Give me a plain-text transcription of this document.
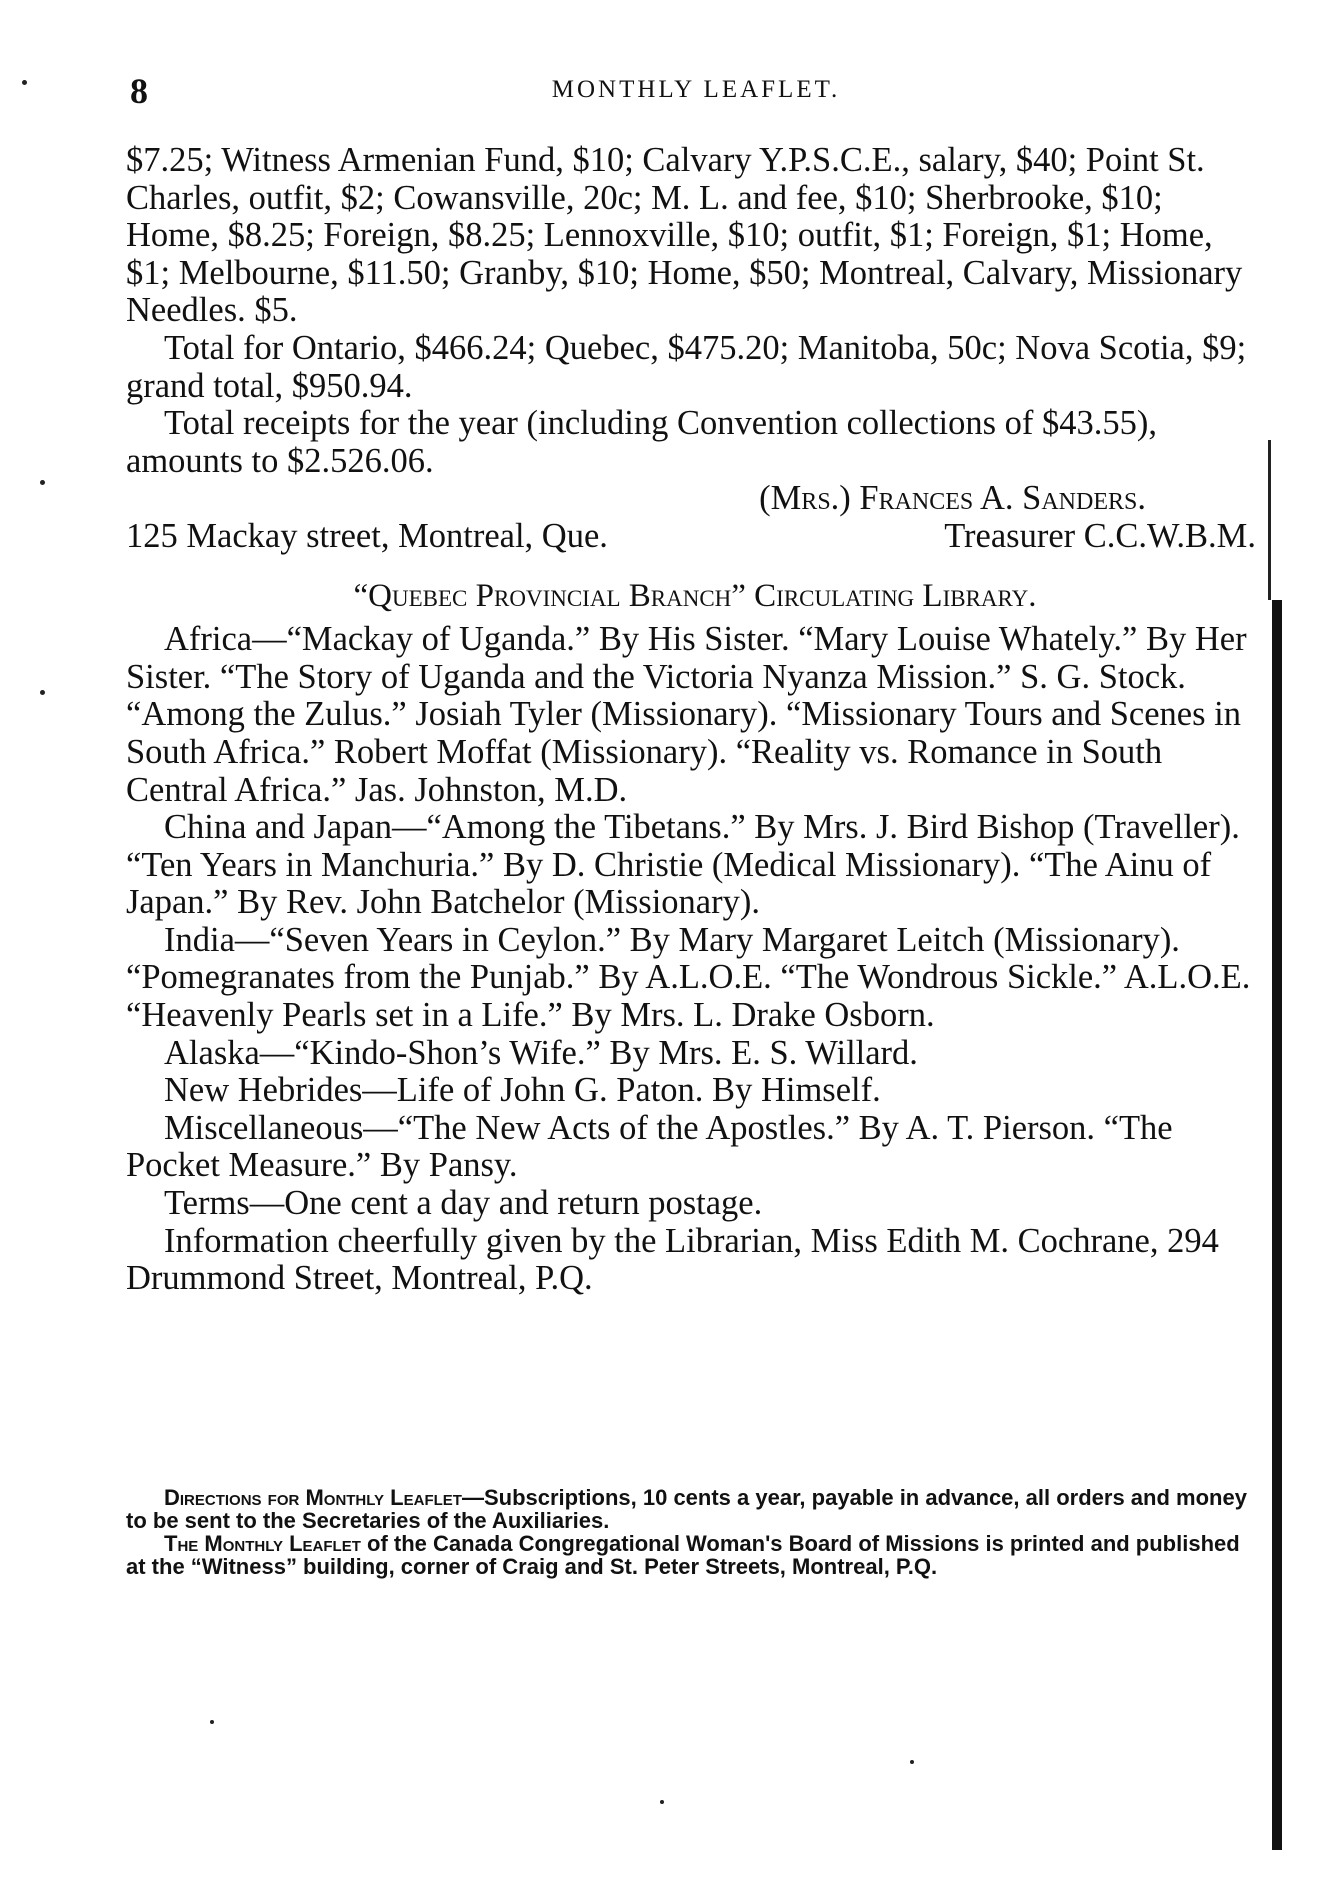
8	MONTHLY LEAFLET.

$7.25; Witness Armenian Fund, $10; Calvary Y.P.S.C.E., salary, $40; Point St. Charles, outfit, $2; Cowansville, 20c; M. L. and fee, $10; Sherbrooke, $10; Home, $8.25; Foreign, $8.25; Lennoxville, $10; outfit, $1; Foreign, $1; Home, $1; Melbourne, $11.50; Granby, $10; Home, $50; Montreal, Calvary, Missionary Needles. $5.

Total for Ontario, $466.24; Quebec, $475.20; Manitoba, 50c; Nova Scotia, $9; grand total, $950.94.

Total receipts for the year (including Convention collections of $43.55), amounts to $2.526.06.

(Mrs.) Frances A. Sanders.

125 Mackay street, Montreal, Que.	Treasurer C.C.W.B.M.

“Quebec Provincial Branch” Circulating Library.

Africa—“Mackay of Uganda.” By His Sister. “Mary Louise Whately.” By Her Sister. “The Story of Uganda and the Victoria Nyanza Mission.” S. G. Stock. “Among the Zulus.” Josiah Tyler (Missionary). “Missionary Tours and Scenes in South Africa.” Robert Moffat (Missionary). “Reality vs. Romance in South Central Africa.” Jas. Johnston, M.D.

China and Japan—“Among the Tibetans.” By Mrs. J. Bird Bishop (Traveller). “Ten Years in Manchuria.” By D. Christie (Medical Missionary). “The Ainu of Japan.” By Rev. John Batchelor (Missionary).

India—“Seven Years in Ceylon.” By Mary Margaret Leitch (Missionary). “Pomegranates from the Punjab.” By A.L.O.E. “The Wondrous Sickle.” A.L.O.E. “Heavenly Pearls set in a Life.” By Mrs. L. Drake Osborn.

Alaska—“Kindo-Shon’s Wife.” By Mrs. E. S. Willard.

New Hebrides—Life of John G. Paton. By Himself.

Miscellaneous—“The New Acts of the Apostles.” By A. T. Pierson. “The Pocket Measure.” By Pansy.

Terms—One cent a day and return postage.

Information cheerfully given by the Librarian, Miss Edith M. Cochrane, 294 Drummond Street, Montreal, P.Q.

Directions for Monthly Leaflet—Subscriptions, 10 cents a year, payable in advance, all orders and money to be sent to the Secretaries of the Auxiliaries.

The Monthly Leaflet of the Canada Congregational Woman's Board of Missions is printed and published at the “Witness” building, corner of Craig and St. Peter Streets, Montreal, P.Q.
